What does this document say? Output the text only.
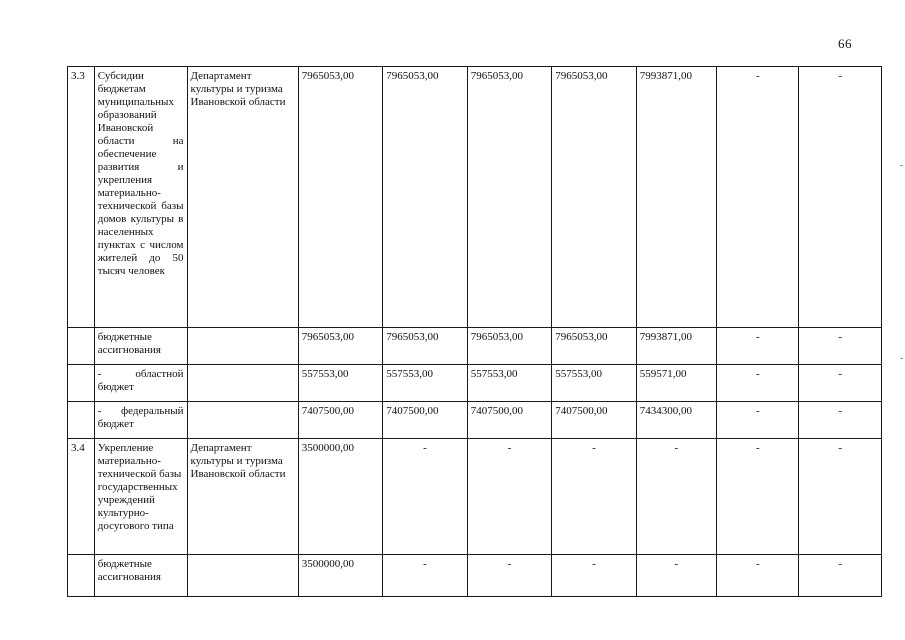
66
3.3	Субсидии бюджетам муниципальных образований Ивановской области на обеспечение развития и укрепления материально-технической базы домов культуры в населенных пунктах с числом жителей до 50 тысяч человек	Департамент культуры и туризма Ивановской области	7965053,00	7965053,00	7965053,00	7965053,00	7993871,00	-	-
	бюджетные ассигнования		7965053,00	7965053,00	7965053,00	7965053,00	7993871,00	-	-
	- областной бюджет		557553,00	557553,00	557553,00	557553,00	559571,00	-	-
	- федеральный бюджет		7407500,00	7407500,00	7407500,00	7407500,00	7434300,00	-	-
3.4	Укрепление материально-технической базы государственных учреждений культурно-досугового типа	Департамент культуры и туризма Ивановской области	3500000,00	-	-	-	-	-	-
	бюджетные ассигнования		3500000,00	-	-	-	-	-	-
